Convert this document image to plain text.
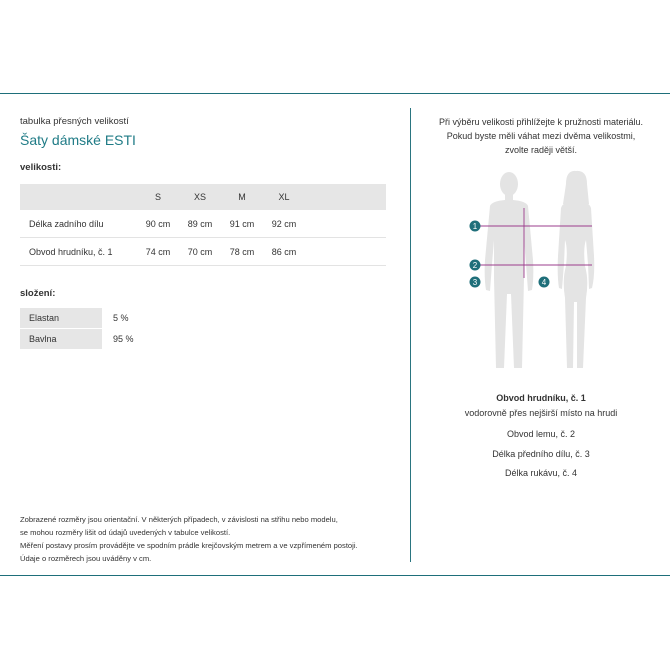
tabulka přesných velikostí
Šaty dámské ESTI
velikosti:
	S	XS	M	XL	
Délka zadního dílu	90 cm	89 cm	91 cm	92 cm	
Obvod hrudníku, č. 1	74 cm	70 cm	78 cm	86 cm	
složení:
Elastan	5 %
Bavlna	95 %
Zobrazené rozměry jsou orientační. V některých případech, v závislosti na střihu nebo modelu,
se mohou rozměry lišit od údajů uvedených v tabulce velikostí.
Měření postavy prosím provádějte ve spodním prádle krejčovským metrem a ve vzpřímeném postoji.
Údaje o rozměrech jsou uváděny v cm.
Při výběru velikosti přihlížejte k pružnosti materiálu.
Pokud byste měli váhat mezi dvěma velikostmi,
zvolte raději větší.
1
2
3	4
Obvod hrudníku, č. 1
vodorovně přes nejširší místo na hrudi
Obvod lemu, č. 2
Délka předního dílu, č. 3
Délka rukávu, č. 4
